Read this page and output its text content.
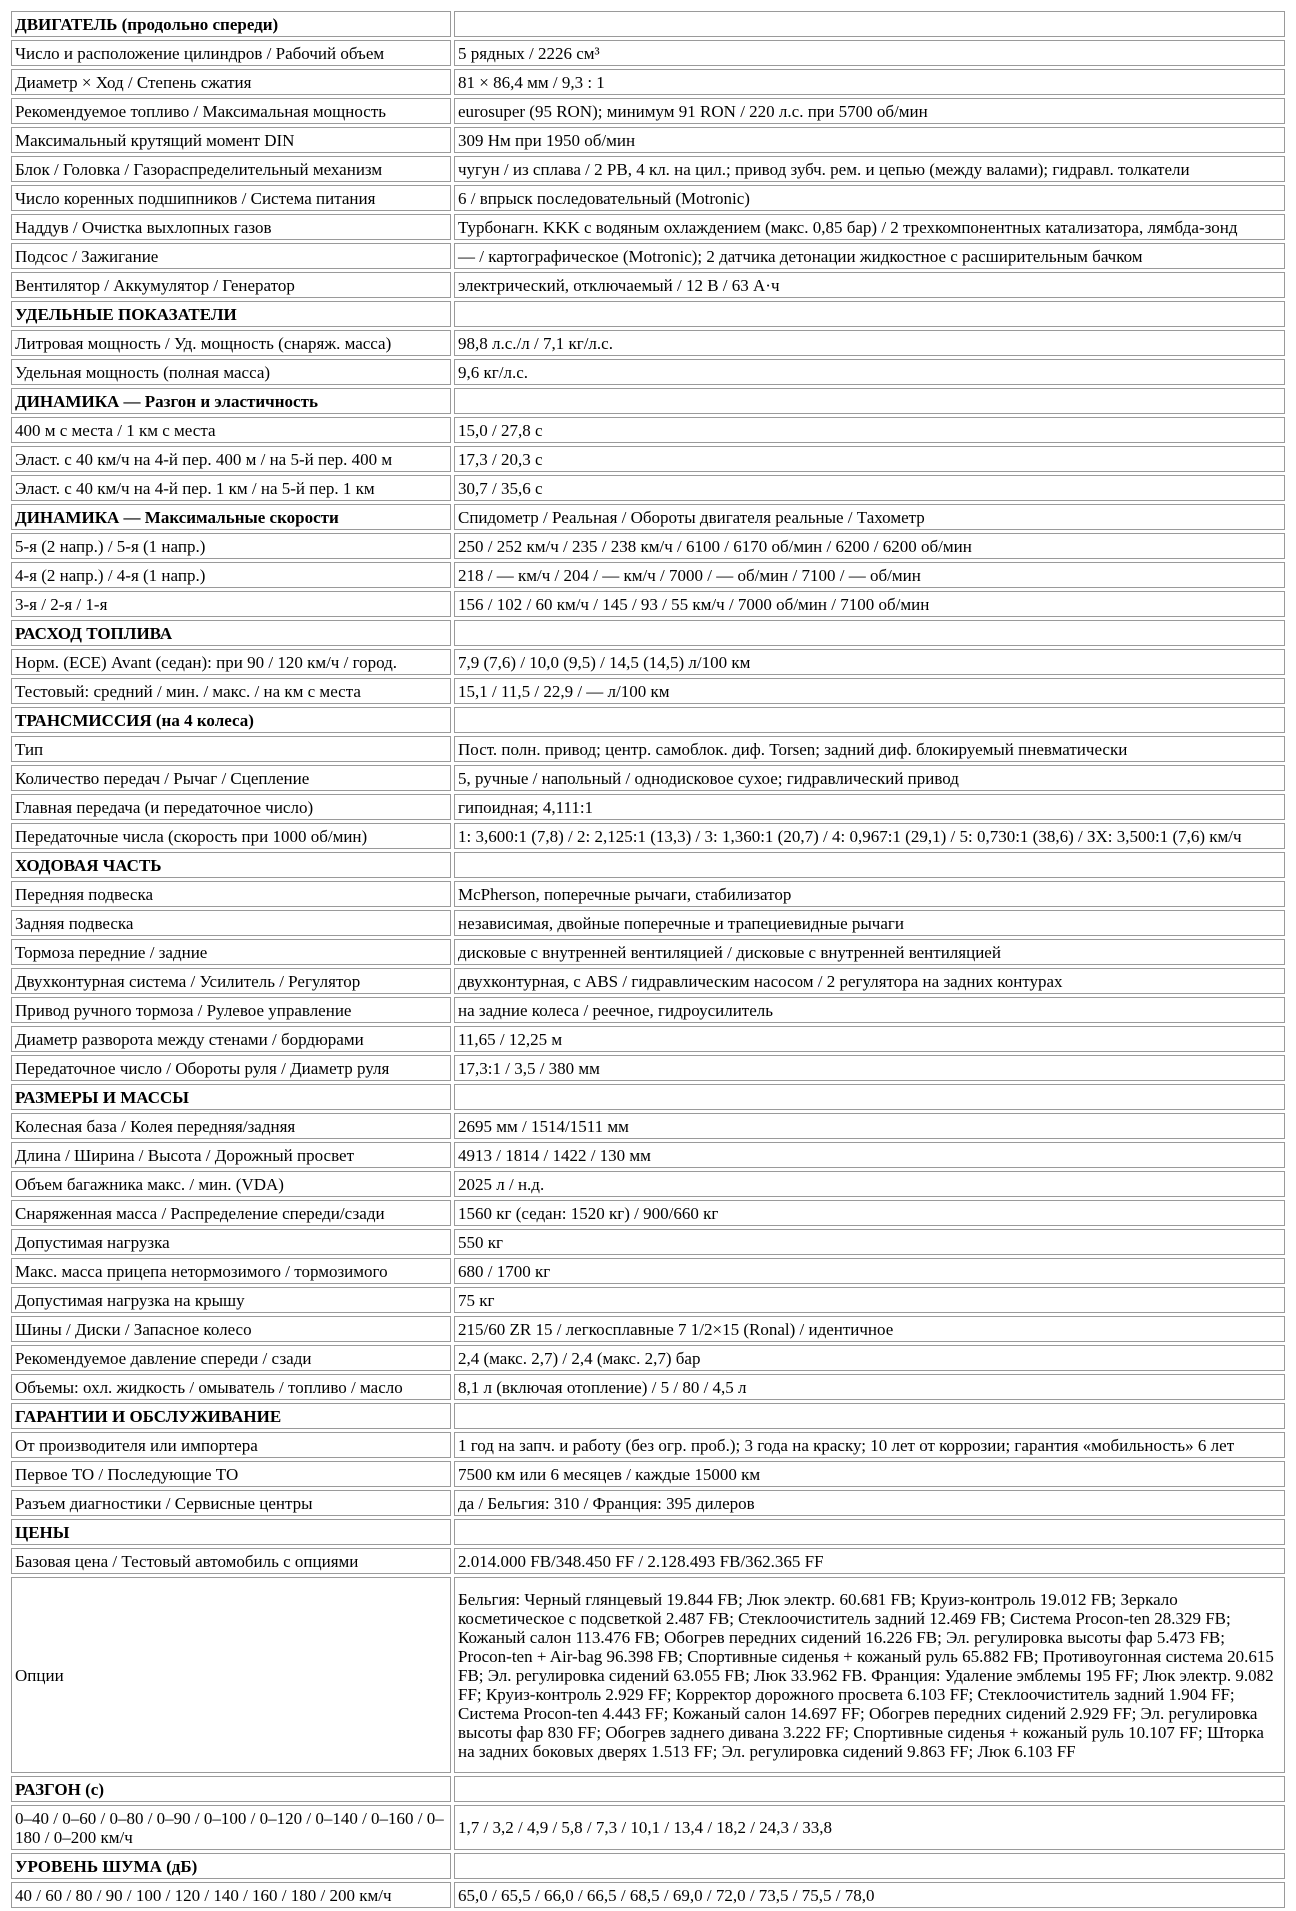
ДВИГАТЕЛЬ (продольно спереди)	
Число и расположение цилиндров / Рабочий объем	5 рядных / 2226 см³
Диаметр × Ход / Степень сжатия	81 × 86,4 мм / 9,3 : 1
Рекомендуемое топливо / Максимальная мощность	eurosuper (95 RON); минимум 91 RON / 220 л.с. при 5700 об/мин
Максимальный крутящий момент DIN	309 Нм при 1950 об/мин
Блок / Головка / Газораспределительный механизм	чугун / из сплава / 2 РВ, 4 кл. на цил.; привод зубч. рем. и цепью (между валами); гидравл. толкатели
Число коренных подшипников / Система питания	6 / впрыск последовательный (Motronic)
Наддув / Очистка выхлопных газов	Турбонагн. KKK с водяным охлаждением (макс. 0,85 бар) / 2 трехкомпонентных катализатора, лямбда-зонд
Подсос / Зажигание	— / картографическое (Motronic); 2 датчика детонации жидкостное с расширительным бачком
Вентилятор / Аккумулятор / Генератор	электрический, отключаемый / 12 В / 63 А·ч
УДЕЛЬНЫЕ ПОКАЗАТЕЛИ	
Литровая мощность / Уд. мощность (снаряж. масса)	98,8 л.с./л / 7,1 кг/л.с.
Удельная мощность (полная масса)	9,6 кг/л.с.
ДИНАМИКА — Разгон и эластичность	
400 м с места / 1 км с места	15,0 / 27,8 с
Эласт. с 40 км/ч на 4-й пер. 400 м / на 5-й пер. 400 м	17,3 / 20,3 с
Эласт. с 40 км/ч на 4-й пер. 1 км / на 5-й пер. 1 км	30,7 / 35,6 с
ДИНАМИКА — Максимальные скорости	Спидометр / Реальная / Обороты двигателя реальные / Тахометр
5-я (2 напр.) / 5-я (1 напр.)	250 / 252 км/ч / 235 / 238 км/ч / 6100 / 6170 об/мин / 6200 / 6200 об/мин
4-я (2 напр.) / 4-я (1 напр.)	218 / — км/ч / 204 / — км/ч / 7000 / — об/мин / 7100 / — об/мин
3-я / 2-я / 1-я	156 / 102 / 60 км/ч / 145 / 93 / 55 км/ч / 7000 об/мин / 7100 об/мин
РАСХОД ТОПЛИВА	
Норм. (ECE) Avant (седан): при 90 / 120 км/ч / город.	7,9 (7,6) / 10,0 (9,5) / 14,5 (14,5) л/100 км
Тестовый: средний / мин. / макс. / на км с места	15,1 / 11,5 / 22,9 / — л/100 км
ТРАНСМИССИЯ (на 4 колеса)	
Тип	Пост. полн. привод; центр. самоблок. диф. Torsen; задний диф. блокируемый пневматически
Количество передач / Рычаг / Сцепление	5, ручные / напольный / однодисковое сухое; гидравлический привод
Главная передача (и передаточное число)	гипоидная; 4,111:1
Передаточные числа (скорость при 1000 об/мин)	1: 3,600:1 (7,8) / 2: 2,125:1 (13,3) / 3: 1,360:1 (20,7) / 4: 0,967:1 (29,1) / 5: 0,730:1 (38,6) / ЗХ: 3,500:1 (7,6) км/ч
ХОДОВАЯ ЧАСТЬ	
Передняя подвеска	McPherson, поперечные рычаги, стабилизатор
Задняя подвеска	независимая, двойные поперечные и трапециевидные рычаги
Тормоза передние / задние	дисковые с внутренней вентиляцией / дисковые с внутренней вентиляцией
Двухконтурная система / Усилитель / Регулятор	двухконтурная, с ABS / гидравлическим насосом / 2 регулятора на задних контурах
Привод ручного тормоза / Рулевое управление	на задние колеса / реечное, гидроусилитель
Диаметр разворота между стенами / бордюрами	11,65 / 12,25 м
Передаточное число / Обороты руля / Диаметр руля	17,3:1 / 3,5 / 380 мм
РАЗМЕРЫ И МАССЫ	
Колесная база / Колея передняя/задняя	2695 мм / 1514/1511 мм
Длина / Ширина / Высота / Дорожный просвет	4913 / 1814 / 1422 / 130 мм
Объем багажника макс. / мин. (VDA)	2025 л / н.д.
Снаряженная масса / Распределение спереди/сзади	1560 кг (седан: 1520 кг) / 900/660 кг
Допустимая нагрузка	550 кг
Макс. масса прицепа нетормозимого / тормозимого	680 / 1700 кг
Допустимая нагрузка на крышу	75 кг
Шины / Диски / Запасное колесо	215/60 ZR 15 / легкосплавные 7 1/2×15 (Ronal) / идентичное
Рекомендуемое давление спереди / сзади	2,4 (макс. 2,7) / 2,4 (макс. 2,7) бар
Объемы: охл. жидкость / омыватель / топливо / масло	8,1 л (включая отопление) / 5 / 80 / 4,5 л
ГАРАНТИИ И ОБСЛУЖИВАНИЕ	
От производителя или импортера	1 год на запч. и работу (без огр. проб.); 3 года на краску; 10 лет от коррозии; гарантия «мобильность» 6 лет
Первое ТО / Последующие ТО	7500 км или 6 месяцев / каждые 15000 км
Разъем диагностики / Сервисные центры	да / Бельгия: 310 / Франция: 395 дилеров
ЦЕНЫ	
Базовая цена / Тестовый автомобиль с опциями	2.014.000 FB/348.450 FF / 2.128.493 FB/362.365 FF
Опции	Бельгия: Черный глянцевый 19.844 FB; Люк электр. 60.681 FB; Круиз-контроль 19.012 FB; Зеркало косметическое с подсветкой 2.487 FB; Стеклоочиститель задний 12.469 FB; Система Procon-ten 28.329 FB; Кожаный салон 113.476 FB; Обогрев передних сидений 16.226 FB; Эл. регулировка высоты фар 5.473 FB; Procon-ten + Air-bag 96.398 FB; Спортивные сиденья + кожаный руль 65.882 FB; Противоугонная система 20.615 FB; Эл. регулировка сидений 63.055 FB; Люк 33.962 FB. Франция: Удаление эмблемы 195 FF; Люк электр. 9.082 FF; Круиз-контроль 2.929 FF; Корректор дорожного просвета 6.103 FF; Стеклоочиститель задний 1.904 FF; Система Procon-ten 4.443 FF; Кожаный салон 14.697 FF; Обогрев передних сидений 2.929 FF; Эл. регулировка высоты фар 830 FF; Обогрев заднего дивана 3.222 FF; Спортивные сиденья + кожаный руль 10.107 FF; Шторка на задних боковых дверях 1.513 FF; Эл. регулировка сидений 9.863 FF; Люк 6.103 FF
РАЗГОН (с)	
0–40 / 0–60 / 0–80 / 0–90 / 0–100 / 0–120 / 0–140 / 0–160 / 0–180 / 0–200 км/ч	1,7 / 3,2 / 4,9 / 5,8 / 7,3 / 10,1 / 13,4 / 18,2 / 24,3 / 33,8
УРОВЕНЬ ШУМА (дБ)	
40 / 60 / 80 / 90 / 100 / 120 / 140 / 160 / 180 / 200 км/ч	65,0 / 65,5 / 66,0 / 66,5 / 68,5 / 69,0 / 72,0 / 73,5 / 75,5 / 78,0
